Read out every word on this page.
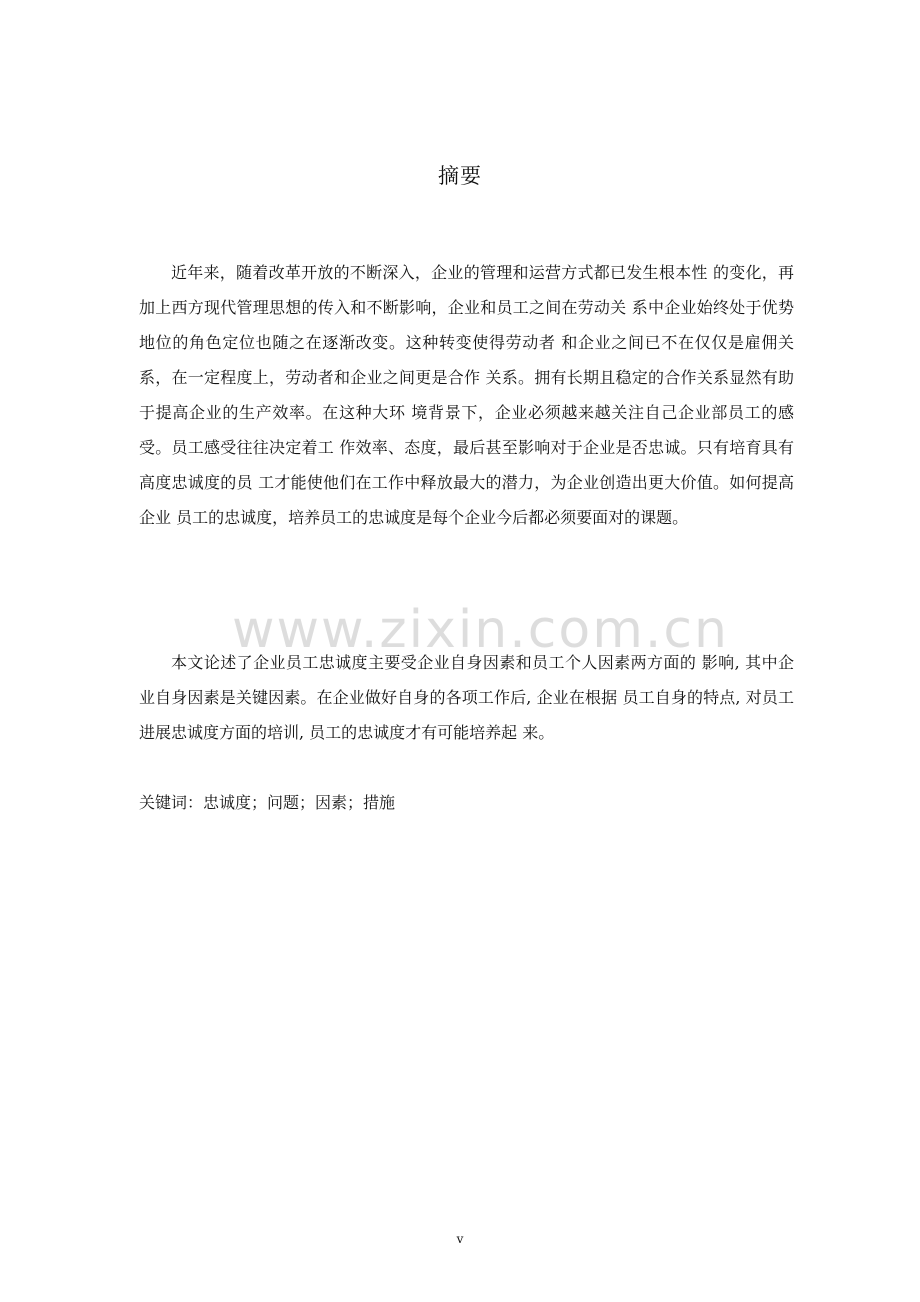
摘要

近年来，随着改革开放的不断深入，企业的管理和运营方式都已发生根本性 的变化，再加上西方现代管理思想的传入和不断影响，企业和员工之间在劳动关 系中企业始终处于优势地位的角色定位也随之在逐渐改变。这种转变使得劳动者 和企业之间已不在仅仅是雇佣关系，在一定程度上，劳动者和企业之间更是合作 关系。拥有长期且稳定的合作关系显然有助于提高企业的生产效率。在这种大环 境背景下，企业必须越来越关注自己企业部员工的感受。员工感受往往决定着工 作效率、态度，最后甚至影响对于企业是否忠诚。只有培育具有高度忠诚度的员 工才能使他们在工作中释放最大的潜力，为企业创造出更大价值。如何提高企业 员工的忠诚度，培养员工的忠诚度是每个企业今后都必须要面对的课题。

www.zixin.com.cn

本文论述了企业员工忠诚度主要受企业自身因素和员工个人因素两方面的 影响, 其中企业自身因素是关键因素。在企业做好自身的各项工作后, 企业在根据 员工自身的特点, 对员工进展忠诚度方面的培训, 员工的忠诚度才有可能培养起 来。

关键词：忠诚度；问题；因素；措施
v
